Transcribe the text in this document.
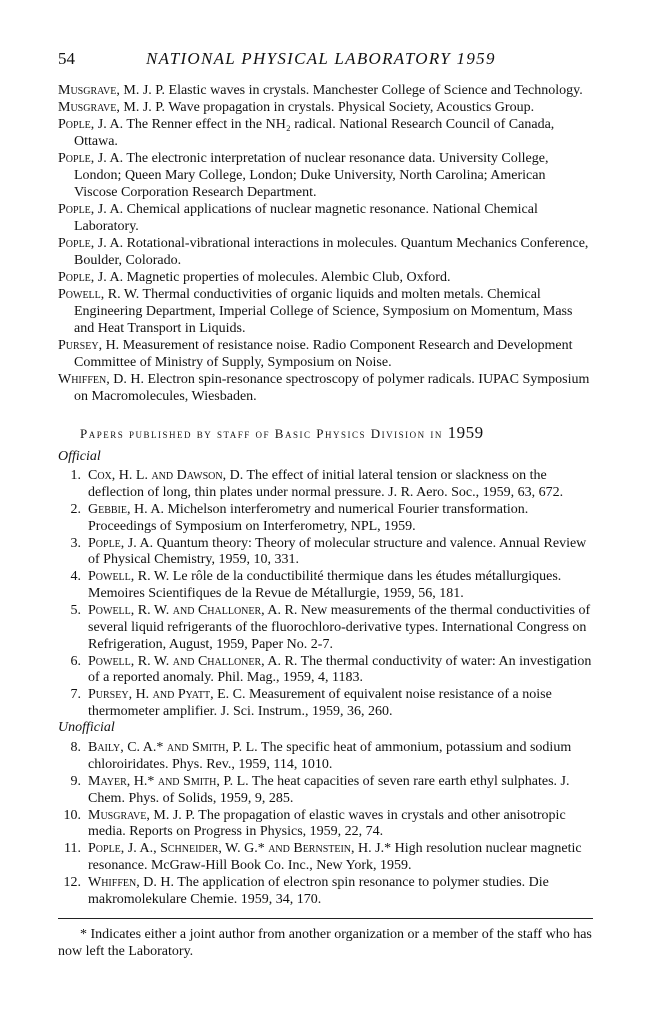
54	NATIONAL PHYSICAL LABORATORY 1959

Musgrave, M. J. P. Elastic waves in crystals. Manchester College of Science and Technology.

Musgrave, M. J. P. Wave propagation in crystals. Physical Society, Acoustics Group.

Pople, J. A. The Renner effect in the NH₂ radical. National Research Council of Canada, Ottawa.

Pople, J. A. The electronic interpretation of nuclear resonance data. University College, London; Queen Mary College, London; Duke University, North Carolina; American Viscose Corporation Research Department.

Pople, J. A. Chemical applications of nuclear magnetic resonance. National Chemical Laboratory.

Pople, J. A. Rotational-vibrational interactions in molecules. Quantum Mechanics Conference, Boulder, Colorado.

Pople, J. A. Magnetic properties of molecules. Alembic Club, Oxford.

Powell, R. W. Thermal conductivities of organic liquids and molten metals. Chemical Engineering Department, Imperial College of Science, Symposium on Momentum, Mass and Heat Transport in Liquids.

Pursey, H. Measurement of resistance noise. Radio Component Research and Development Committee of Ministry of Supply, Symposium on Noise.

Whiffen, D. H. Electron spin-resonance spectroscopy of polymer radicals. IUPAC Symposium on Macromolecules, Wiesbaden.

Papers published by staff of Basic Physics Division in 1959
Official
1. Cox, H. L. and Dawson, D. The effect of initial lateral tension or slackness on the deflection of long, thin plates under normal pressure. J. R. Aero. Soc., 1959, 63, 672.
2. Gebbie, H. A. Michelson interferometry and numerical Fourier transformation. Proceedings of Symposium on Interferometry, NPL, 1959.
3. Pople, J. A. Quantum theory: Theory of molecular structure and valence. Annual Review of Physical Chemistry, 1959, 10, 331.
4. Powell, R. W. Le rôle de la conductibilité thermique dans les études métallurgiques. Memoires Scientifiques de la Revue de Métallurgie, 1959, 56, 181.
5. Powell, R. W. and Challoner, A. R. New measurements of the thermal conductivities of several liquid refrigerants of the fluorochloro-derivative types. International Congress on Refrigeration, August, 1959, Paper No. 2-7.
6. Powell, R. W. and Challoner, A. R. The thermal conductivity of water: An investigation of a reported anomaly. Phil. Mag., 1959, 4, 1183.
7. Pursey, H. and Pyatt, E. C. Measurement of equivalent noise resistance of a noise thermometer amplifier. J. Sci. Instrum., 1959, 36, 260.
Unofficial
8. Baily, C. A.* and Smith, P. L. The specific heat of ammonium, potassium and sodium chloroiridates. Phys. Rev., 1959, 114, 1010.
9. Mayer, H.* and Smith, P. L. The heat capacities of seven rare earth ethyl sulphates. J. Chem. Phys. of Solids, 1959, 9, 285.
10. Musgrave, M. J. P. The propagation of elastic waves in crystals and other anisotropic media. Reports on Progress in Physics, 1959, 22, 74.
11. Pople, J. A., Schneider, W. G.* and Bernstein, H. J.* High resolution nuclear magnetic resonance. McGraw-Hill Book Co. Inc., New York, 1959.
12. Whiffen, D. H. The application of electron spin resonance to polymer studies. Die makromolekulare Chemie. 1959, 34, 170.
* Indicates either a joint author from another organization or a member of the staff who has now left the Laboratory.
